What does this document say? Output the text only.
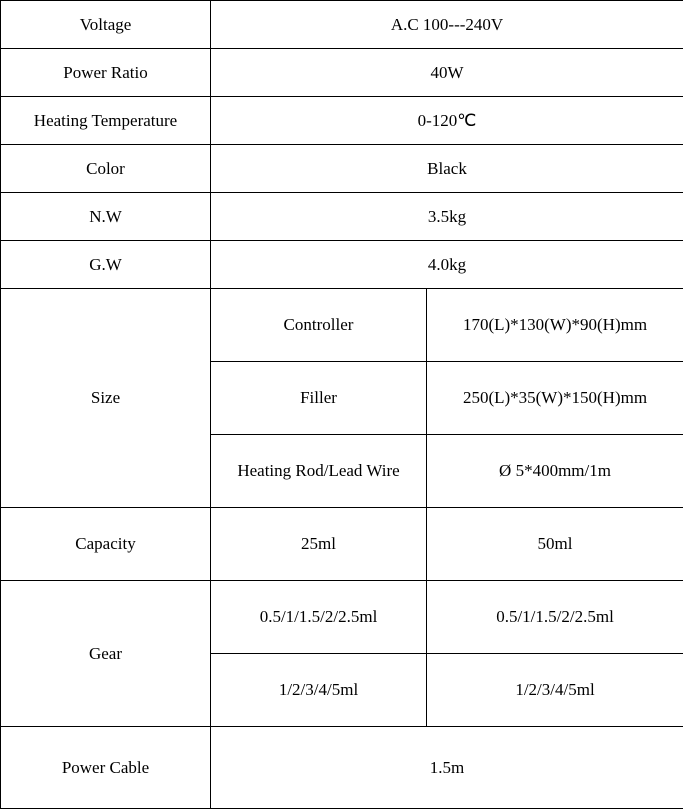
Voltage	A.C 100---240V	
Power Ratio	40W	
Heating Temperature	0-120℃	
Color	Black	
N.W	3.5kg	
G.W	4.0kg	
Size	Controller	170(L)*130(W)*90(H)mm
	Filler	250(L)*35(W)*150(H)mm
	Heating Rod/Lead Wire	Ø 5*400mm/1m
Capacity	25ml	50ml
Gear	0.5/1/1.5/2/2.5ml	0.5/1/1.5/2/2.5ml
	1/2/3/4/5ml	1/2/3/4/5ml
Power Cable	1.5m	
